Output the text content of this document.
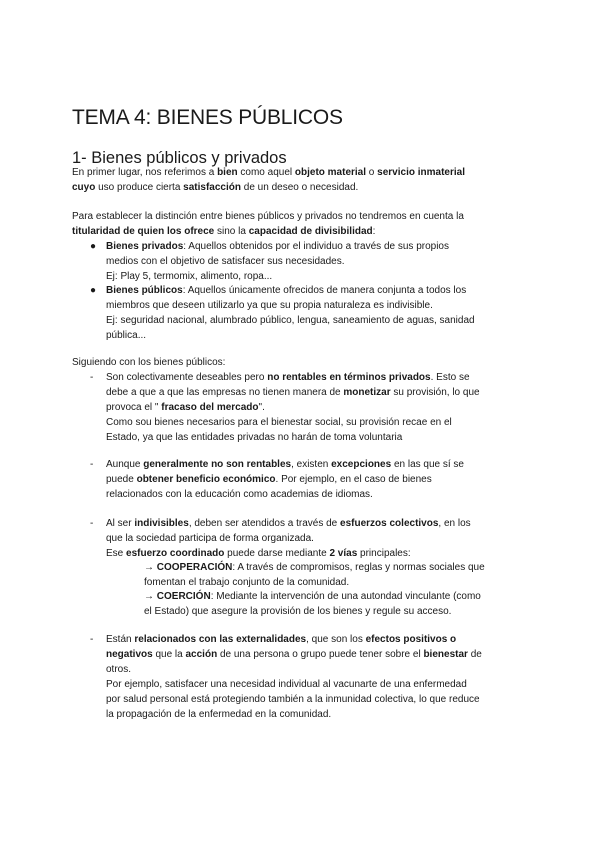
TEMA 4: BIENES PÚBLICOS
1- Bienes públicos y privados
En primer lugar, nos referimos a bien como aquel objeto material o servicio inmaterial
cuyo uso produce cierta satisfacción de un deseo o necesidad.
Para establecer la distinción entre bienes públicos y privados no tendremos en cuenta la
titularidad de quien los ofrece sino la capacidad de divisibilidad:
● Bienes privados: Aquellos obtenidos por el individuo a través de sus propios
medios con el objetivo de satisfacer sus necesidades.
Ej: Play 5, termomix, alimento, ropa...
● Bienes públicos: Aquellos únicamente ofrecidos de manera conjunta a todos los
miembros que deseen utilizarlo ya que su propia naturaleza es indivisible.
Ej: seguridad nacional, alumbrado público, lengua, saneamiento de aguas, sanidad
pública...
Siguiendo con los bienes públicos:
- Son colectivamente deseables pero no rentables en términos privados. Esto se
debe a que a que las empresas no tienen manera de monetizar su provisión, lo que
provoca el " fracaso del mercado".
Como sou bienes necesarios para el bienestar social, su provisión recae en el
Estado, ya que las entidades privadas no harán de toma voluntaria
- Aunque generalmente no son rentables, existen excepciones en las que sí se
puede obtener beneficio económico. Por ejemplo, en el caso de bienes
relacionados con la educación como academias de idiomas.
- Al ser indivisibles, deben ser atendidos a través de esfuerzos colectivos, en los
que la sociedad participa de forma organizada.
Ese esfuerzo coordinado puede darse mediante 2 vías principales:
→ COOPERACIÓN: A través de compromisos, reglas y normas sociales que
fomentan el trabajo conjunto de la comunidad.
→ COERCIÓN: Mediante la intervención de una autondad vinculante (como
el Estado) que asegure la provisión de los bienes y regule su acceso.
- Están relacionados con las externalidades, que son los efectos positivos o
negativos que la acción de una persona o grupo puede tener sobre el bienestar de
otros.
Por ejemplo, satisfacer una necesidad individual al vacunarte de una enfermedad
por salud personal está protegiendo también a la inmunidad colectiva, lo que reduce
la propagación de la enfermedad en la comunidad.
